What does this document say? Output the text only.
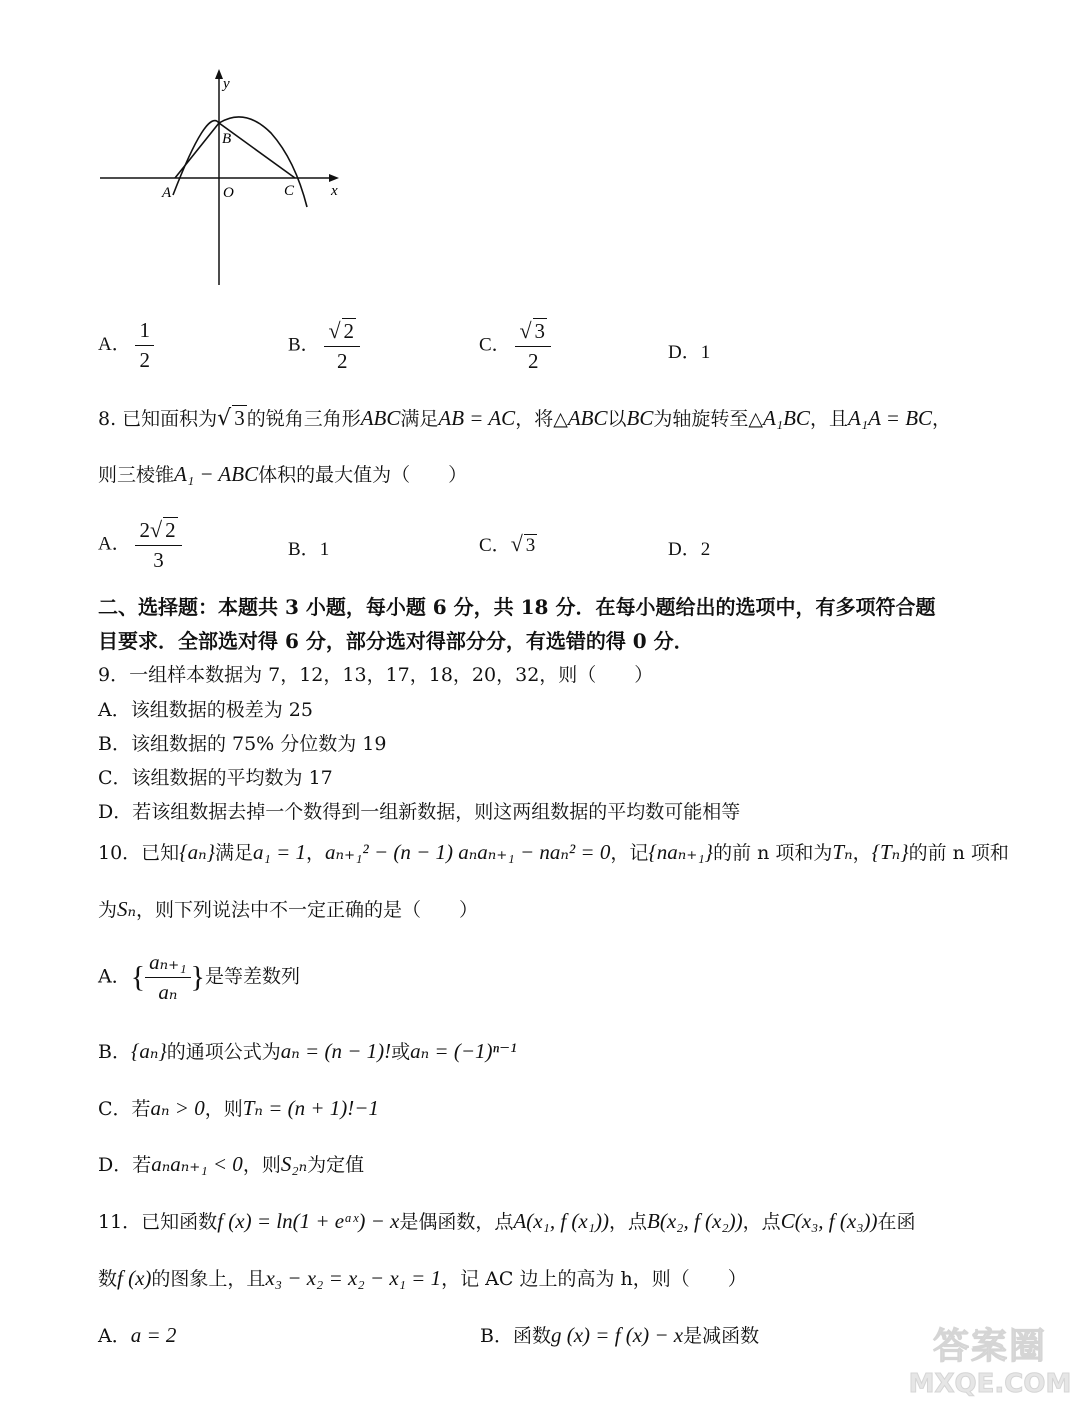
y
x
A
B
O	C
A． $\frac{1}{2}$	B． $\frac{√ 2}{2}$	C． $\frac{√ 3}{2}$	D．1
8. 已知面积为√ 3 的锐角三角形ABC满足AB = AC，将△ABC以BC为轴旋转至△A₁BC，且A₁A = BC，
则三棱锥A₁ − ABC体积的最大值为（　　）
A． $\frac{2√ 2}{3}$	B．1	C．√ 3	D．2
二、选择题：本题共 3 小题，每小题 6 分，共 18 分．在每小题给出的选项中，有多项符合题
目要求．全部选对得 6 分，部分选对得部分分，有选错的得 0 分．
9．一组样本数据为 7，12，13，17，18，20，32，则（　　）
A．该组数据的极差为 25
B．该组数据的 75% 分位数为 19
C．该组数据的平均数为 17
D．若该组数据去掉一个数得到一组新数据，则这两组数据的平均数可能相等
10．已知{aₙ}满足a₁ = 1，aₙ₊₁² − (n − 1) aₙaₙ₊₁ − naₙ² = 0，记{naₙ₊₁}的前 n 项和为Tₙ，{Tₙ}的前 n 项和
为Sₙ，则下列说法中不一定正确的是（　　）
A．{ $\frac{\text{aₙ₊₁}}{\text{aₙ}}$ }是等差数列
B．{aₙ}的通项公式为aₙ = (n − 1)!或aₙ = (−1)ⁿ⁻¹
C．若aₙ > 0，则Tₙ = (n + 1)!−1
D．若aₙaₙ₊₁ < 0，则S₂ₙ为定值
11．已知函数f (x) = ln(1 + eᵃˣ) − x是偶函数，点A(x₁, f (x₁))，点B(x₂, f (x₂))，点C(x₃, f (x₃))在函
数f (x)的图象上，且x₃ − x₂ = x₂ − x₁ = 1，记 AC 边上的高为 h，则（　　）
A．a = 2	B．函数g (x) = f (x) − x是减函数	答案圈
MXQE.COM
